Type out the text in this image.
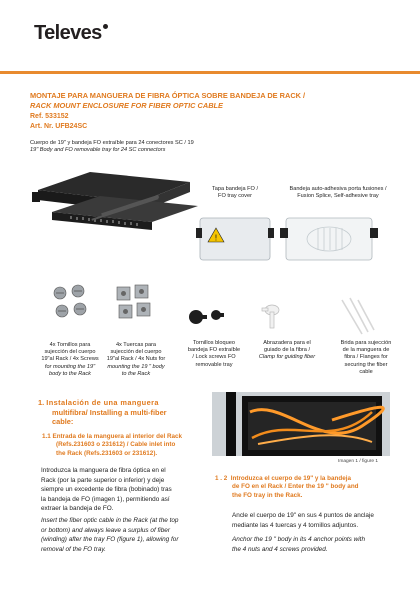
Televes
MONTAJE PARA MANGUERA DE FIBRA ÓPTICA SOBRE BANDEJA DE RACK /
RACK MOUNT ENCLOSURE FOR FIBER OPTIC CABLE
Ref. 533152
Art. Nr. UFB24SC
Cuerpo de 19" y bandeja FO extraíble para 24 conectores SC / 19
19" Body and FO removable tray for 24 SC connectors
!
Tapa bandeja FO /
FO tray cover
Bandeja auto-adhesiva porta fusiones /
Fusion Splice, Self-adhesive tray
4x Tornillos para
sujección del cuerpo
19"al Rack / 4x Screws
for mounting the 19"
body to the Rack
4x Tuercas para
sujección del cuerpo
19"al Rack / 4x Nuts for
mounting the 19 " body
to the Rack
Tornillos bloqueo
bandeja FO extraíble
/ Lock screws FO
removable tray
Abrazadera para el
guiado de la fibra /
Clamp for guiding fiber
Brida para sujección
de la manguera de
fibra / Flanges for
securing the fiber
cable
1. Instalación de una manguera
multifibra/ Installing a multi-fiber
cable:
1.1 Entrada de la manguera al interior del Rack
(Refs.231603 o 231612) / Cable inlet into
the Rack (Refs.231603 or 231612).
Introduzca la manguera de fibra óptica en el
Rack (por la parte superior o inferior) y deje
siempre un excedente de fibra (bobinado) tras
la bandeja de FO (imagen 1), permitiendo así
extraer la bandeja de FO.
Insert the fiber optic cable in the Rack (at the top
or bottom) and always leave a surplus of fiber
(winding) after the tray FO (figure 1), allowing for
removal of the FO tray.
Imagen 1 / figure 1
1 . 2 Introduzca el cuerpo de 19" y la bandeja
de FO en el Rack / Enter the 19 " body and
the FO tray in the Rack.
Ancle el cuerpo de 19" en sus 4 puntos de anclaje
mediante las 4 tuercas y 4 tornillos adjuntos.
Anchor the 19 " body in its 4 anchor points with
the 4 nuts and 4 screws provided.
